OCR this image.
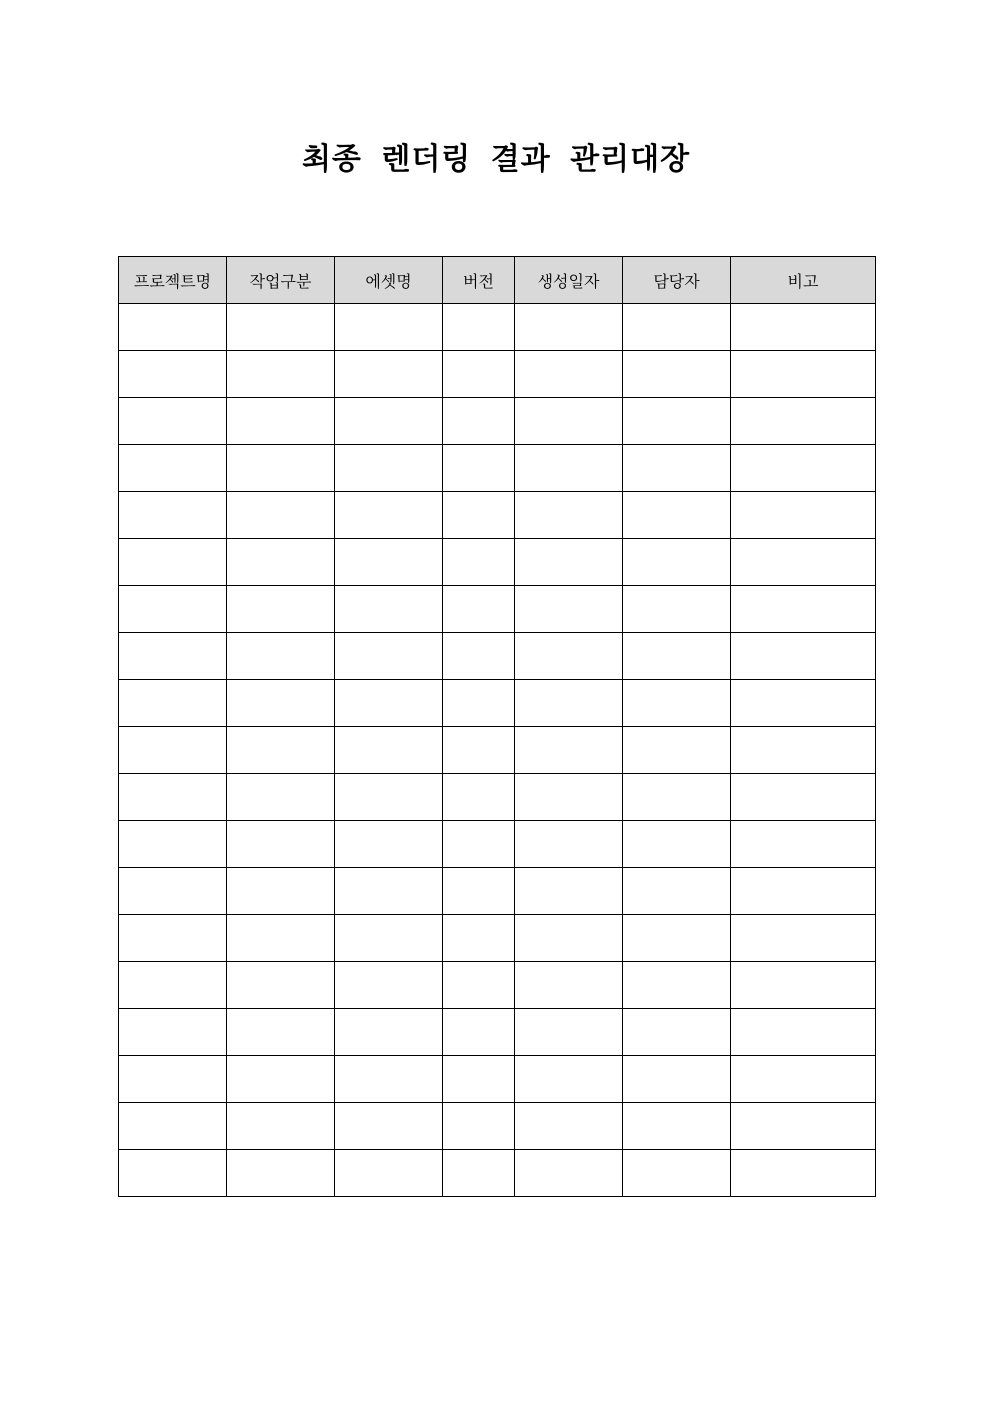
최종 렌더링 결과 관리대장
프로젝트명	작업구분	에셋명	버전	생성일자	담당자	비고
